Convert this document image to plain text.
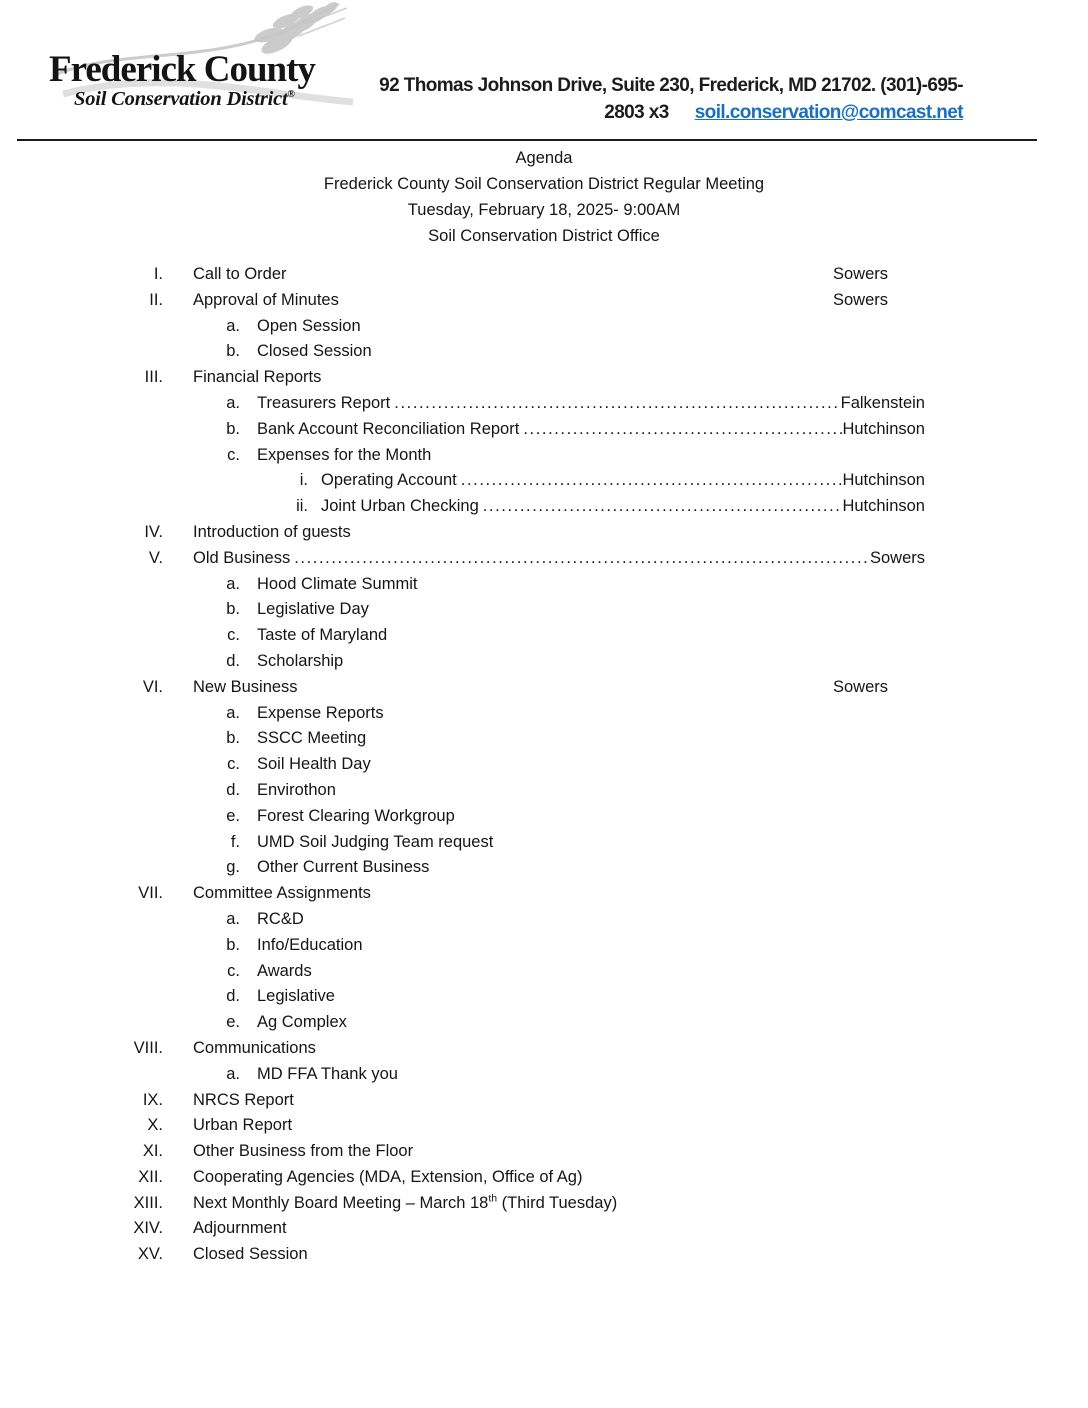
Frederick County
Soil Conservation District®	92 Thomas Johnson Drive, Suite 230, Frederick, MD 21702. (301)-695-
2803 x3 soil.conservation@comcast.net
Agenda
Frederick County Soil Conservation District Regular Meeting
Tuesday, February 18, 2025- 9:00AM
Soil Conservation District Office
I.	Call to Order	Sowers
II.	Approval of Minutes	Sowers
a.	Open Session
b.	Closed Session
III.	Financial Reports
a.	Treasurers Report .....	Falkenstein
b.	Bank Account Reconciliation Report .....	Hutchinson
c.	Expenses for the Month
i. Operating Account .....	Hutchinson
ii. Joint Urban Checking .....	Hutchinson
IV.	Introduction of guests
V.	Old Business .....	Sowers
a.	Hood Climate Summit
b.	Legislative Day
c.	Taste of Maryland
d.	Scholarship
VI.	New Business	Sowers
a.	Expense Reports
b.	SSCC Meeting
c.	Soil Health Day
d.	Envirothon
e.	Forest Clearing Workgroup
f.	UMD Soil Judging Team request
g.	Other Current Business
VII.	Committee Assignments
a.	RC&D
b.	Info/Education
c.	Awards
d.	Legislative
e.	Ag Complex
VIII.	Communications
a.	MD FFA Thank you
IX.	NRCS Report
X.	Urban Report
XI.	Other Business from the Floor
XII.	Cooperating Agencies (MDA, Extension, Office of Ag)
XIII.	Next Monthly Board Meeting – March 18th (Third Tuesday)
XIV.	Adjournment
XV.	Closed Session
